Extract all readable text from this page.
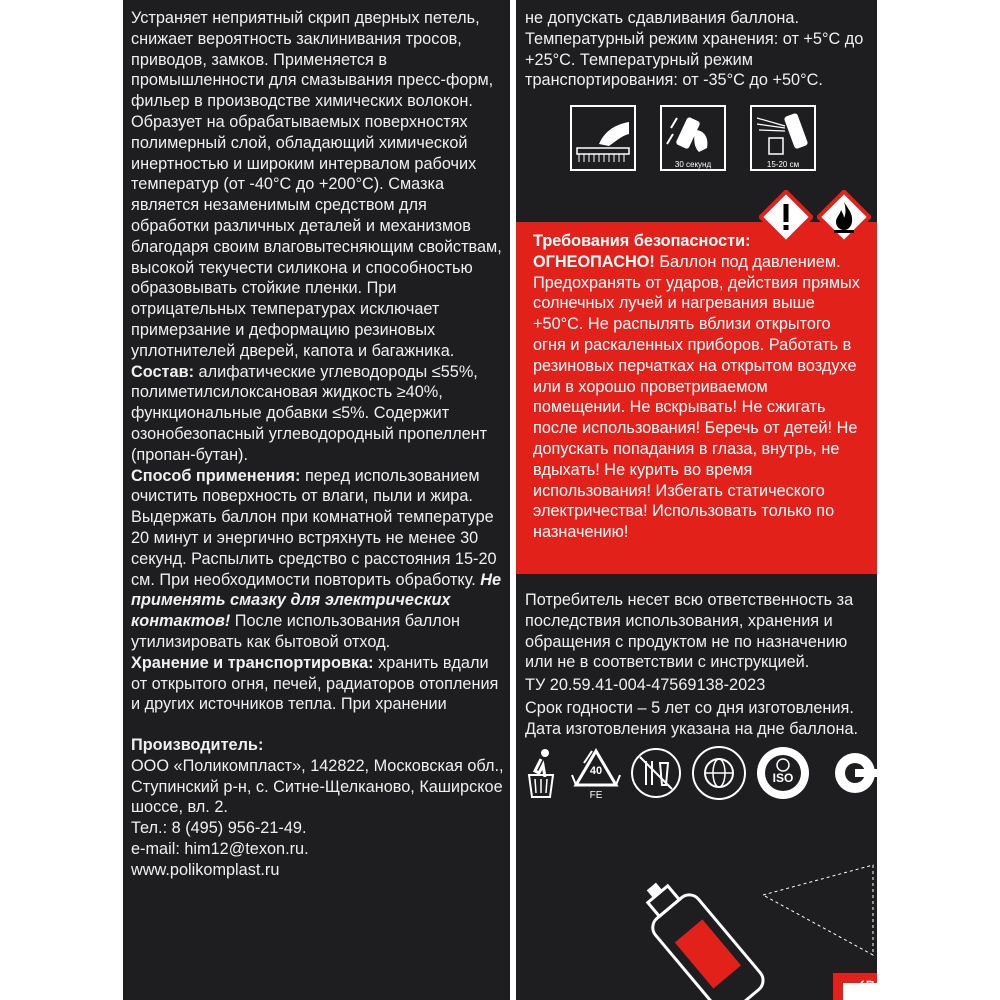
Устраняет неприятный скрип дверных петель, снижает вероятность заклинивания тросов, приводов, замков. Применяется в промышленности для смазывания пресс-форм, фильер в производстве химических волокон. Образует на обрабатываемых поверхностях полимерный слой, обладающий химической инертностью и широким интервалом рабочих температур (от -40°С до +200°С). Смазка является незаменимым средством для обработки различных деталей и механизмов благодаря своим влаговытесняющим свойствам, высокой текучести силикона и способностью образовывать стойкие пленки. При отрицательных температурах исключает примерзание и деформацию резиновых уплотнителей дверей, капота и багажника.

Состав: алифатические углеводороды ≤55%, полиметилсилоксановая жидкость ≥40%, функциональные добавки ≤5%. Содержит озонобезопасный углеводородный пропеллент (пропан-бутан).

Способ применения: перед использованием очистить поверхность от влаги, пыли и жира. Выдержать баллон при комнатной температуре 20 минут и энергично встряхнуть не менее 30 секунд. Распылить средство с расстояния 15-20 см. При необходимости повторить обработку. Не применять смазку для электрических контактов! После использования баллон утилизировать как бытовой отход.

Хранение и транспортировка: хранить вдали от открытого огня, печей, радиаторов отопления и других источников тепла. При хранении

Производитель:

ООО «Поликомпласт», 142822, Московская обл., Ступинский р-н, с. Ситне-Щелканово, Каширское шоссе, вл. 2.

Тел.: 8 (495) 956-21-49.

e-mail: him12@texon.ru.

www.polikomplast.ru

не допускать сдавливания баллона. Температурный режим хранения: от +5°С до +25°С. Температурный режим транспортирования: от -35°С до +50°С.

30 секунд	15-20 см

Требования безопасности:

ОГНЕОПАСНО! Баллон под давлением. Предохранять от ударов, действия прямых солнечных лучей и нагревания выше +50°С. Не распылять вблизи открытого огня и раскаленных приборов. Работать в резиновых перчатках на открытом воздухе или в хорошо проветриваемом помещении. Не вскрывать! Не сжигать после использования! Беречь от детей! Не допускать попадания в глаза, внутрь, не вдыхать! Не курить во время использования! Избегать статического электричества! Использовать только по назначению!

Потребитель несет всю ответственность за последствия использования, хранения и обращения с продуктом не по назначению или не в соответствии с инструкцией.

ТУ 20.59.41-004-47569138-2023

Срок годности – 5 лет со дня изготовления.

Дата изготовления указана на дне баллона.

40
FE
ISO
5
